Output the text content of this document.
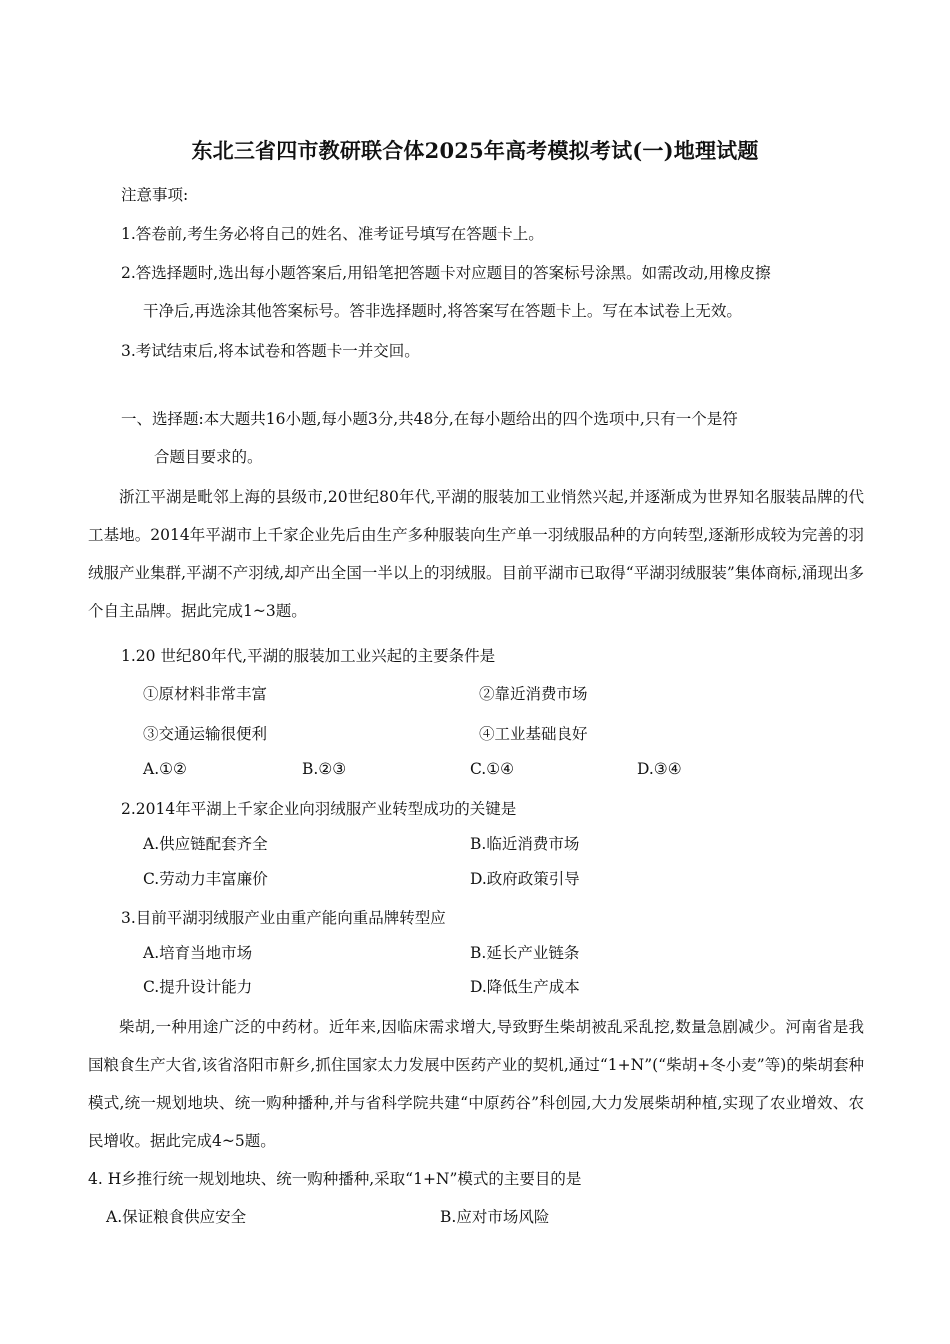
东北三省四市教研联合体2025年高考模拟考试(一)地理试题
注意事项:
1.答卷前,考生务必将自己的姓名、准考证号填写在答题卡上。
2.答选择题时,选出每小题答案后,用铅笔把答题卡对应题目的答案标号涂黑。如需改动,用橡皮擦
干净后,再选涂其他答案标号。答非选择题时,将答案写在答题卡上。写在本试卷上无效。
3.考试结束后,将本试卷和答题卡一并交回。
一、选择题:本大题共16小题,每小题3分,共48分,在每小题给出的四个选项中,只有一个是符
合题目要求的。
浙江平湖是毗邻上海的县级市,20世纪80年代,平湖的服装加工业悄然兴起,并逐渐成为世界知名服装品牌的代工基地。2014年平湖市上千家企业先后由生产多种服装向生产单一羽绒服品种的方向转型,逐渐形成较为完善的羽绒服产业集群,平湖不产羽绒,却产出全国一半以上的羽绒服。目前平湖市已取得“平湖羽绒服装”集体商标,涌现出多个自主品牌。据此完成1~3题。
1.20 世纪80年代,平湖的服装加工业兴起的主要条件是
①原材料非常丰富	②靠近消费市场
③交通运输很便利	④工业基础良好
A.①②	B.②③	C.①④	D.③④
2.2014年平湖上千家企业向羽绒服产业转型成功的关键是
A.供应链配套齐全	B.临近消费市场
C.劳动力丰富廉价	D.政府政策引导
3.目前平湖羽绒服产业由重产能向重品牌转型应
A.培育当地市场	B.延长产业链条
C.提升设计能力	D.降低生产成本
柴胡,一种用途广泛的中药材。近年来,因临床需求增大,导致野生柴胡被乱采乱挖,数量急剧减少。河南省是我国粮食生产大省,该省洛阳市鼾乡,抓住国家太力发展中医药产业的契机,通过“1+N”(“柴胡+冬小麦”等)的柴胡套种模式,统一规划地块、统一购种播种,并与省科学院共建“中原药谷”科创园,大力发展柴胡种植,实现了农业增效、农民增收。据此完成4~5题。
4. H乡推行统一规划地块、统一购种播种,采取“1+N”模式的主要目的是
A.保证粮食供应安全	B.应对市场风险
